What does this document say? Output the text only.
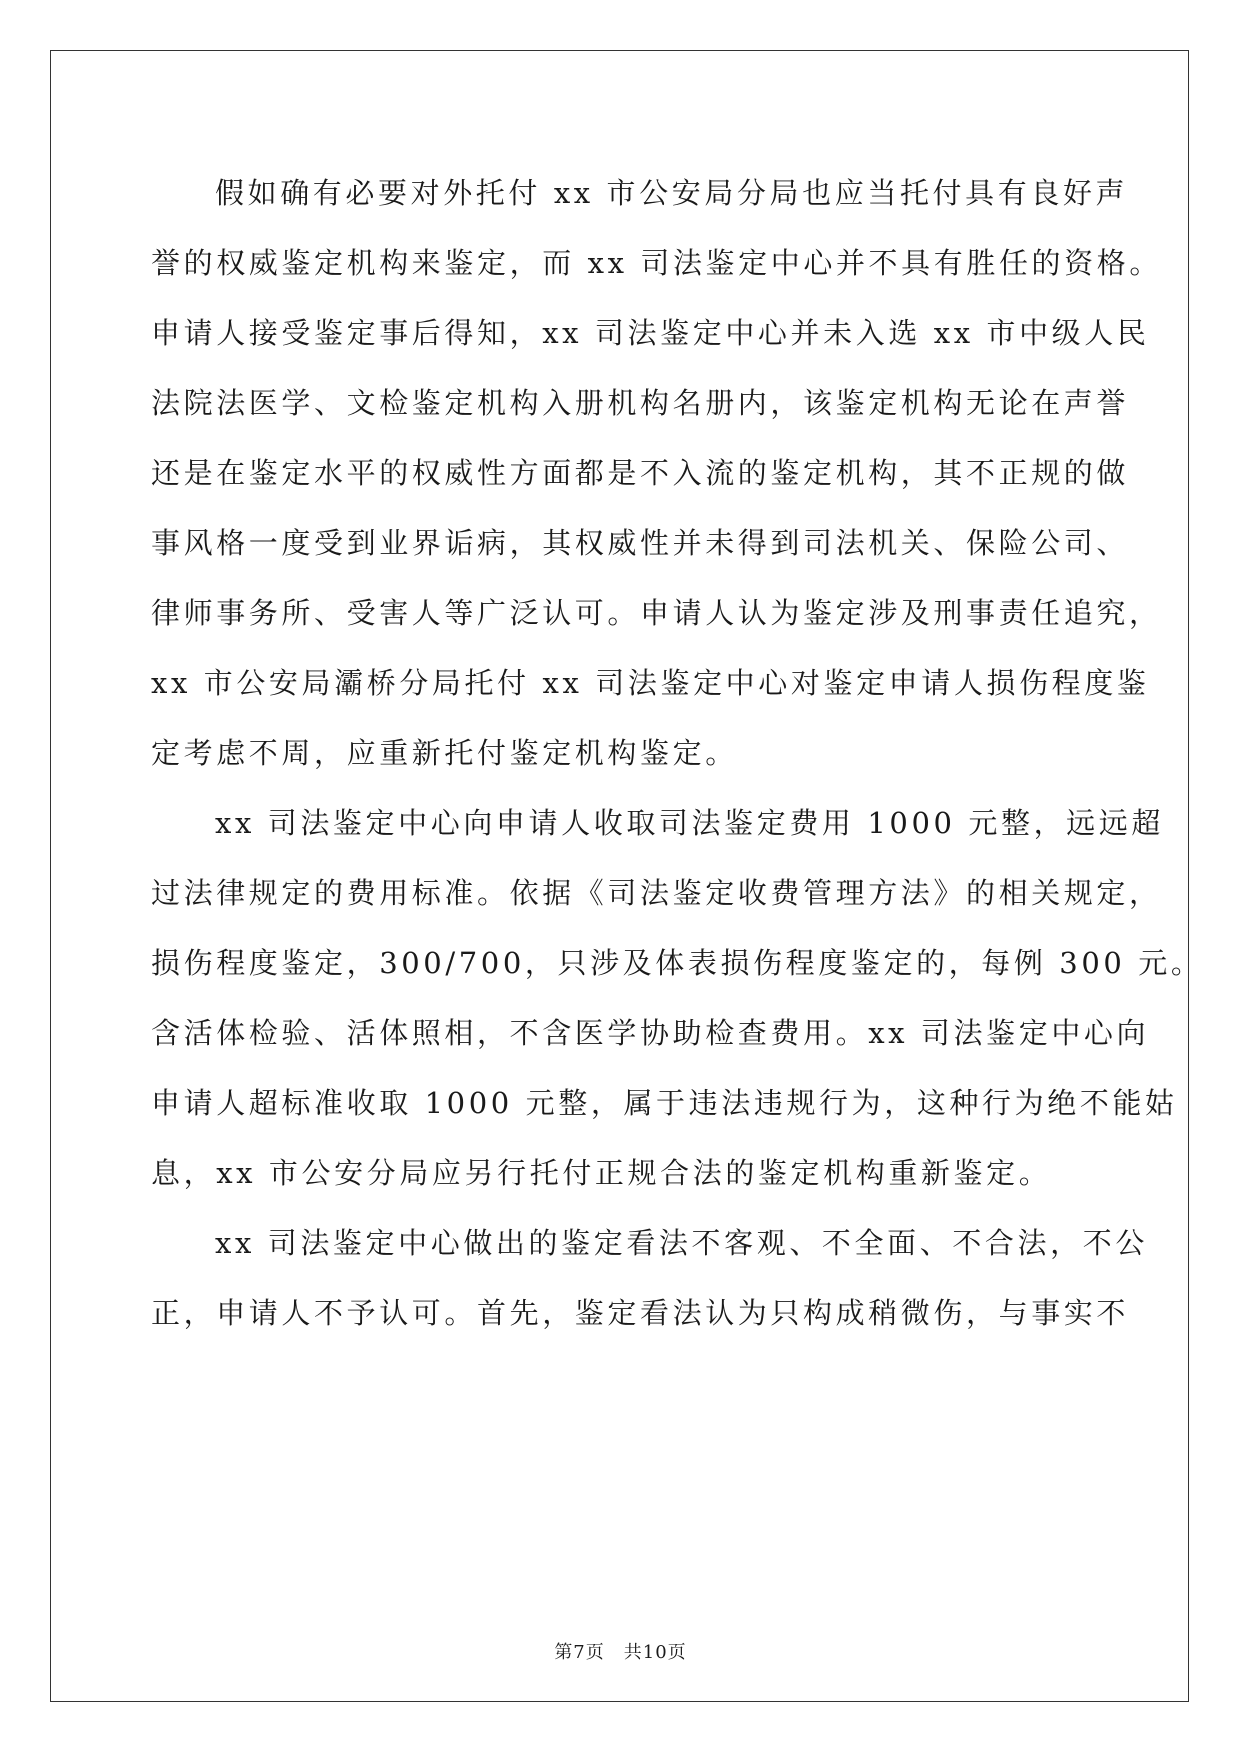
假如确有必要对外托付 xx 市公安局分局也应当托付具有良好声
誉的权威鉴定机构来鉴定，而 xx 司法鉴定中心并不具有胜任的资格。
申请人接受鉴定事后得知，xx 司法鉴定中心并未入选 xx 市中级人民
法院法医学、文检鉴定机构入册机构名册内，该鉴定机构无论在声誉
还是在鉴定水平的权威性方面都是不入流的鉴定机构，其不正规的做
事风格一度受到业界诟病，其权威性并未得到司法机关、保险公司、
律师事务所、受害人等广泛认可。申请人认为鉴定涉及刑事责任追究，
xx 市公安局灞桥分局托付 xx 司法鉴定中心对鉴定申请人损伤程度鉴
定考虑不周，应重新托付鉴定机构鉴定。
xx 司法鉴定中心向申请人收取司法鉴定费用 1000 元整，远远超
过法律规定的费用标准。依据《司法鉴定收费管理方法》的相关规定，
损伤程度鉴定，300/700，只涉及体表损伤程度鉴定的，每例 300 元。
含活体检验、活体照相，不含医学协助检查费用。xx 司法鉴定中心向
申请人超标准收取 1000 元整，属于违法违规行为，这种行为绝不能姑
息，xx 市公安分局应另行托付正规合法的鉴定机构重新鉴定。
xx 司法鉴定中心做出的鉴定看法不客观、不全面、不合法，不公
正，申请人不予认可。首先，鉴定看法认为只构成稍微伤，与事实不
第7页　共10页
